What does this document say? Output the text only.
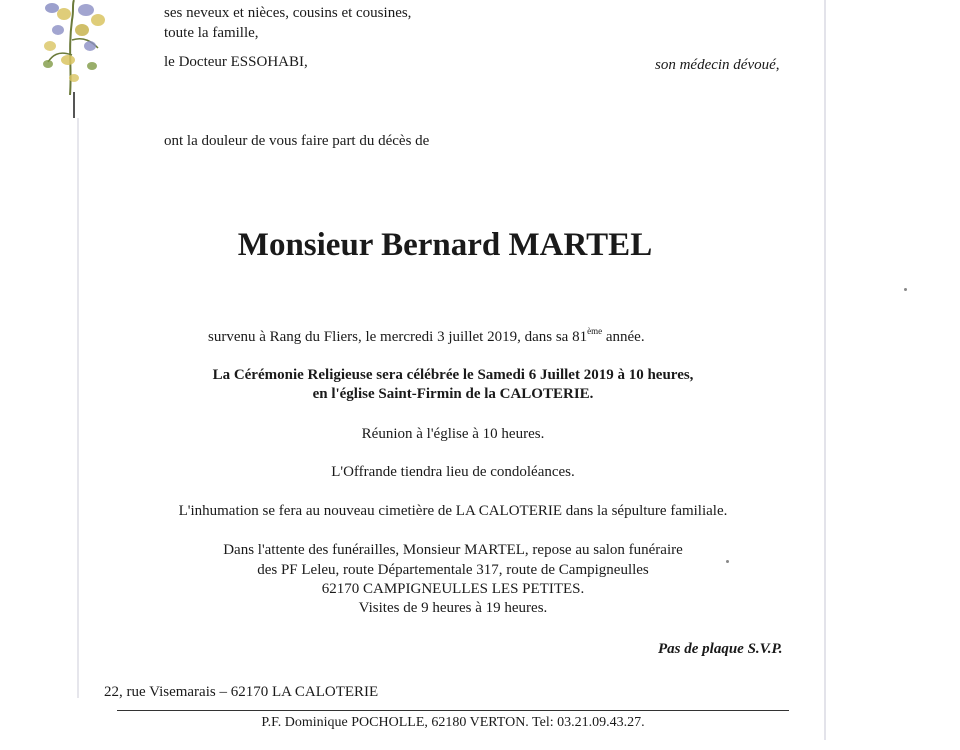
ses neveux et nièces, cousins et cousines,
toute la famille,
le Docteur ESSOHABI,	son médecin dévoué,
ont la douleur de vous faire part du décès de
Monsieur Bernard MARTEL
survenu à Rang du Fliers, le mercredi 3 juillet 2019, dans sa 81ème année.
La Cérémonie Religieuse sera célébrée le Samedi 6 Juillet 2019 à 10 heures,
en l'église Saint-Firmin de la CALOTERIE.
Réunion à l'église à 10 heures.
L'Offrande tiendra lieu de condoléances.
L'inhumation se fera au nouveau cimetière de LA CALOTERIE dans la sépulture familiale.
Dans l'attente des funérailles, Monsieur MARTEL, repose au salon funéraire
des PF Leleu, route Départementale 317, route de Campigneulles
62170 CAMPIGNEULLES LES PETITES.
Visites de 9 heures à 19 heures.
Pas de plaque S.V.P.
22, rue Visemarais – 62170 LA CALOTERIE
P.F. Dominique POCHOLLE, 62180 VERTON. Tel: 03.21.09.43.27.
